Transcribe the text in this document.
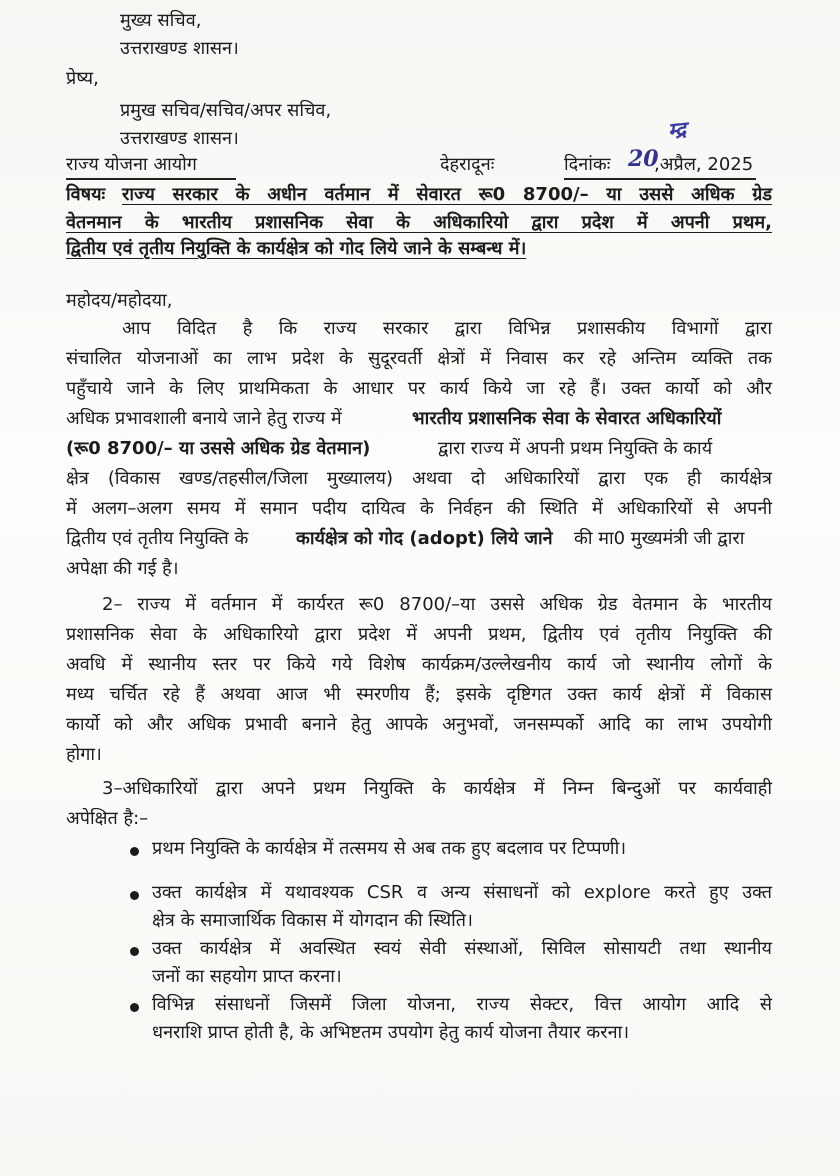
मुख्य सचिव,
उत्तराखण्ड शासन।
प्रेष्य,
प्रमुख सचिव/सचिव/अपर सचिव,
उत्तराखण्ड शासन।
राज्य योजना आयोग	देहरादूनः	दिनांकः 20
,अप्रैल, 2025
म्द्र
विषयः राज्य सरकार के अधीन वर्तमान में सेवारत रू0 8700/– या उससे अधिक ग्रेड
वेतनमान के भारतीय प्रशासनिक सेवा के अधिकारियो द्वारा प्रदेश में अपनी प्रथम,
द्वितीय एवं तृतीय नियुक्ति के कार्यक्षेत्र को गोद लिये जाने के सम्बन्ध में।
महोदय/महोदया,
आप विदित है कि राज्य सरकार द्वारा विभिन्न प्रशासकीय विभागों द्वारा
संचालित योजनाओं का लाभ प्रदेश के सुदूरवर्ती क्षेत्रों में निवास कर रहे अन्तिम व्यक्ति तक
पहुँचाये जाने के लिए प्राथमिकता के आधार पर कार्य किये जा रहे हैं। उक्त कार्यो को और
अधिक प्रभावशाली बनाये जाने हेतु राज्य में	भारतीय प्रशासनिक सेवा के सेवारत अधिकारियों
(रू0 8700/– या उससे अधिक ग्रेड वेतमान)	द्वारा राज्य में अपनी प्रथम नियुक्ति के कार्य
क्षेत्र (विकास खण्ड/तहसील/जिला मुख्यालय) अथवा दो अधिकारियों द्वारा एक ही कार्यक्षेत्र
में अलग–अलग समय में समान पदीय दायित्व के निर्वहन की स्थिति में अधिकारियों से अपनी
द्वितीय एवं तृतीय नियुक्ति के	कार्यक्षेत्र को गोद (adopt) लिये जाने की मा0 मुख्यमंत्री जी द्वारा
अपेक्षा की गई है।
2– राज्य में वर्तमान में कार्यरत रू0 8700/–या उससे अधिक ग्रेड वेतमान के भारतीय
प्रशासनिक सेवा के अधिकारियो द्वारा प्रदेश में अपनी प्रथम, द्वितीय एवं तृतीय नियुक्ति की
अवधि में स्थानीय स्तर पर किये गये विशेष कार्यक्रम/उल्लेखनीय कार्य जो स्थानीय लोगों के
मध्य चर्चित रहे हैं अथवा आज भी स्मरणीय हैं; इसके दृष्टिगत उक्त कार्य क्षेत्रों में विकास
कार्यो को और अधिक प्रभावी बनाने हेतु आपके अनुभवों, जनसम्पर्को आदि का लाभ उपयोगी
होगा।
3–अधिकारियों द्वारा अपने प्रथम नियुक्ति के कार्यक्षेत्र में निम्न बिन्दुओं पर कार्यवाही
अपेक्षित है:–
प्रथम नियुक्ति के कार्यक्षेत्र में तत्समय से अब तक हुए बदलाव पर टिप्पणी।
उक्त कार्यक्षेत्र में यथावश्यक CSR व अन्य संसाधनों को explore करते हुए उक्त
क्षेत्र के समाजार्थिक विकास में योगदान की स्थिति।
उक्त कार्यक्षेत्र में अवस्थित स्वयं सेवी संस्थाओं, सिविल सोसायटी तथा स्थानीय
जनों का सहयोग प्राप्त करना।
विभिन्न संसाधनों जिसमें जिला योजना, राज्य सेक्टर, वित्त आयोग आदि से
धनराशि प्राप्त होती है, के अभिष्टतम उपयोग हेतु कार्य योजना तैयार करना।
